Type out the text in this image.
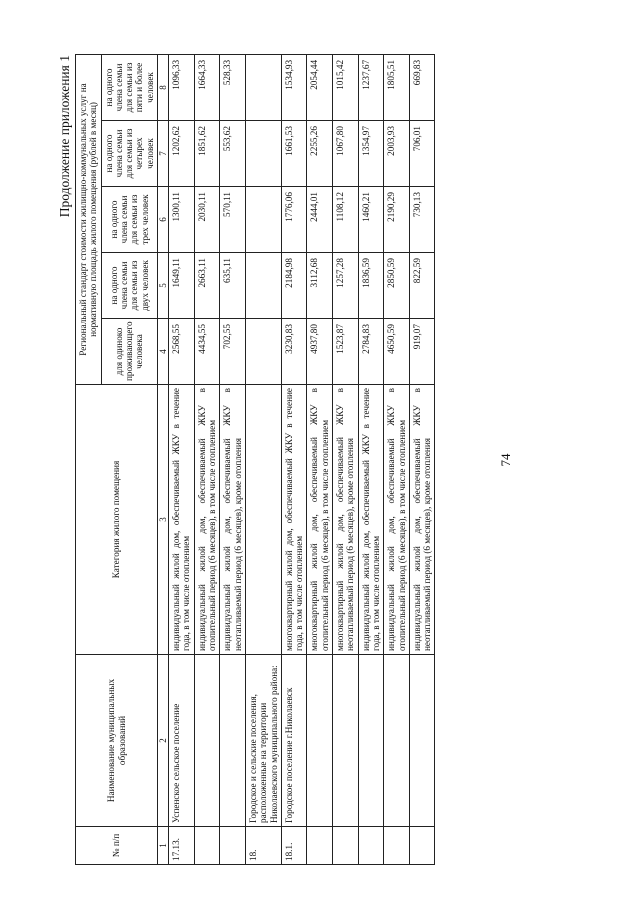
Продолжение приложения 1
74
№ п/п	Наименование муниципальных образований	Категория жилого помещения	Региональный стандарт стоимости жилищно-коммунальных услуг на нормативную площадь жилого помещения (рублей в месяц)				
			для одиноко проживающего человека	на одного члена семьи для семьи из двух человек	на одного члена семьи для семьи из трех человек	на одного члена семьи для семьи из четырех человек	на одного члена семьи для семьи из пяти и более человек
1	2	3	4	5	6	7	8
17.13.	Успенское сельское поселение	индивидуальный жилой дом, обеспечиваемый ЖКУ в течение года, в том числе отоплением	2568,55	1649,11	1300,11	1202,62	1096,33
		индивидуальный жилой дом, обеспечиваемый ЖКУ в отопительный период (6 месяцев), в том числе отоплением	4434,55	2663,11	2030,11	1851,62	1664,33
		индивидуальный жилой дом, обеспечиваемый ЖКУ в неотапливаемый период (6 месяцев), кроме отопления	702,55	635,11	570,11	553,62	528,33
18.	Городское и сельские поселения, расположенные на территории Николаевского муниципального района:						
18.1.	Городское поселение г.Николаевск	многоквартирный жилой дом, обеспечиваемый ЖКУ в течение года, в том числе отоплением	3230,83	2184,98	1776,06	1661,53	1534,93
		многоквартирный жилой дом, обеспечиваемый ЖКУ в отопительный период (6 месяцев), в том числе отоплением	4937,80	3112,68	2444,01	2255,26	2054,44
		многоквартирный жилой дом, обеспечиваемый ЖКУ в неотапливаемый период (6 месяцев), кроме отопления	1523,87	1257,28	1108,12	1067,80	1015,42
		индивидуальный жилой дом, обеспечиваемый ЖКУ в течение года, в том числе отоплением	2784,83	1836,59	1460,21	1354,97	1237,67
		индивидуальный жилой дом, обеспечиваемый ЖКУ в отопительный период (6 месяцев), в том числе отоплением	4650,59	2850,59	2190,29	2003,93	1805,51
		индивидуальный жилой дом, обеспечиваемый ЖКУ в неотапливаемый период (6 месяцев), кроме отопления	919,07	822,59	730,13	706,01	669,83
